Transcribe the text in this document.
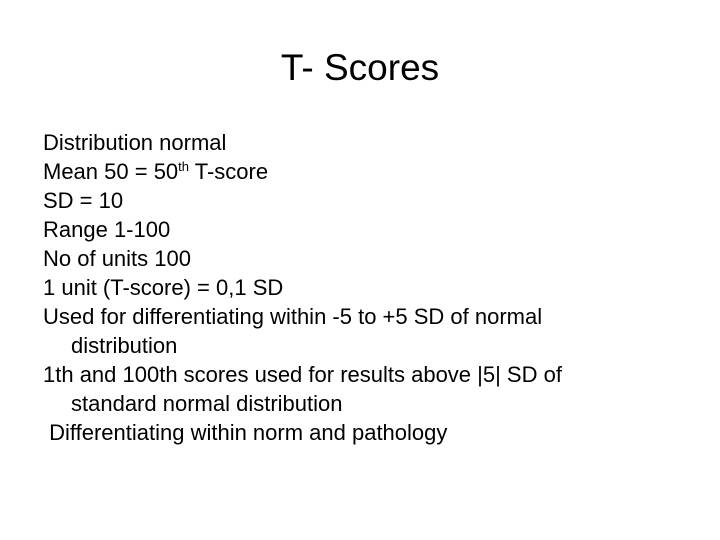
T- Scores
Distribution normal
Mean 50 = 50th T-score
SD = 10
Range 1-100
No of units 100
1 unit (T-score) = 0,1 SD
Used for differentiating within -5 to +5 SD of normal
distribution
1th and 100th scores used for results above |5| SD of
standard normal distribution
Differentiating within norm and pathology
